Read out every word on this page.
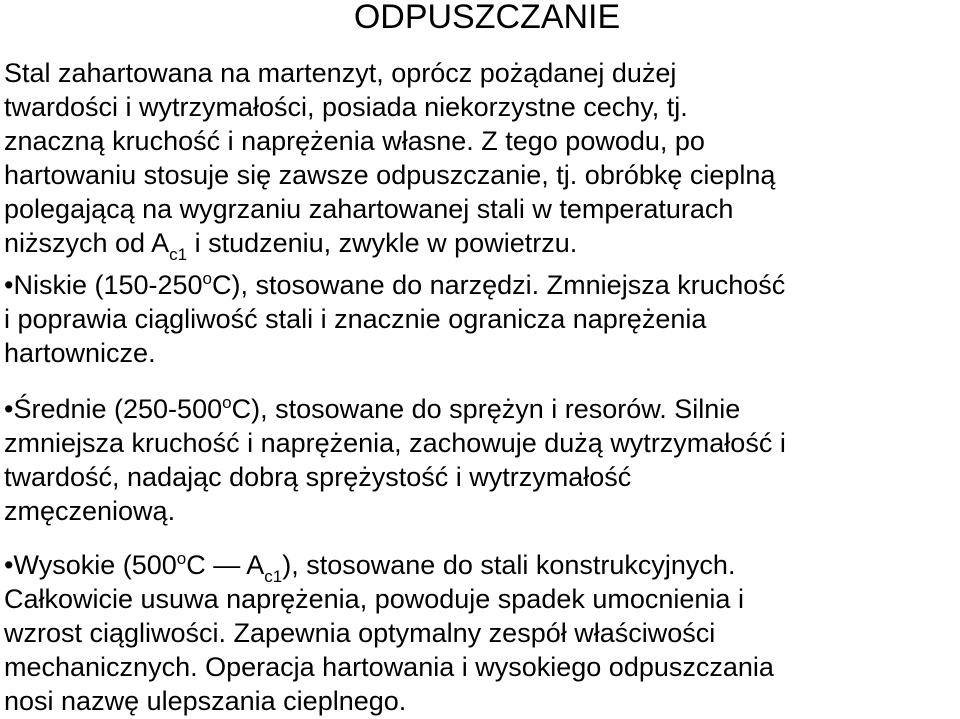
ODPUSZCZANIE
Stal zahartowana na martenzyt, oprócz pożądanej dużej
twardości i wytrzymałości, posiada niekorzystne cechy, tj.
znaczną kruchość i naprężenia własne. Z tego powodu, po
hartowaniu stosuje się zawsze odpuszczanie, tj. obróbkę cieplną
polegającą na wygrzaniu zahartowanej stali w temperaturach
niższych od $A_{c1}$ i studzeniu, zwykle w powietrzu.
•Niskie (150-250$^o$C), stosowane do narzędzi. Zmniejsza kruchość
i poprawia ciągliwość stali i znacznie ogranicza naprężenia
hartownicze.
•Średnie (250-500$^o$C), stosowane do sprężyn i resorów. Silnie
zmniejsza kruchość i naprężenia, zachowuje dużą wytrzymałość i
twardość, nadając dobrą sprężystość i wytrzymałość
zmęczeniową.
•Wysokie (500$^o$C — $A_{c1}$), stosowane do stali konstrukcyjnych.
Całkowicie usuwa naprężenia, powoduje spadek umocnienia i
wzrost ciągliwości. Zapewnia optymalny zespół właściwości
mechanicznych. Operacja hartowania i wysokiego odpuszczania
nosi nazwę ulepszania cieplnego.
